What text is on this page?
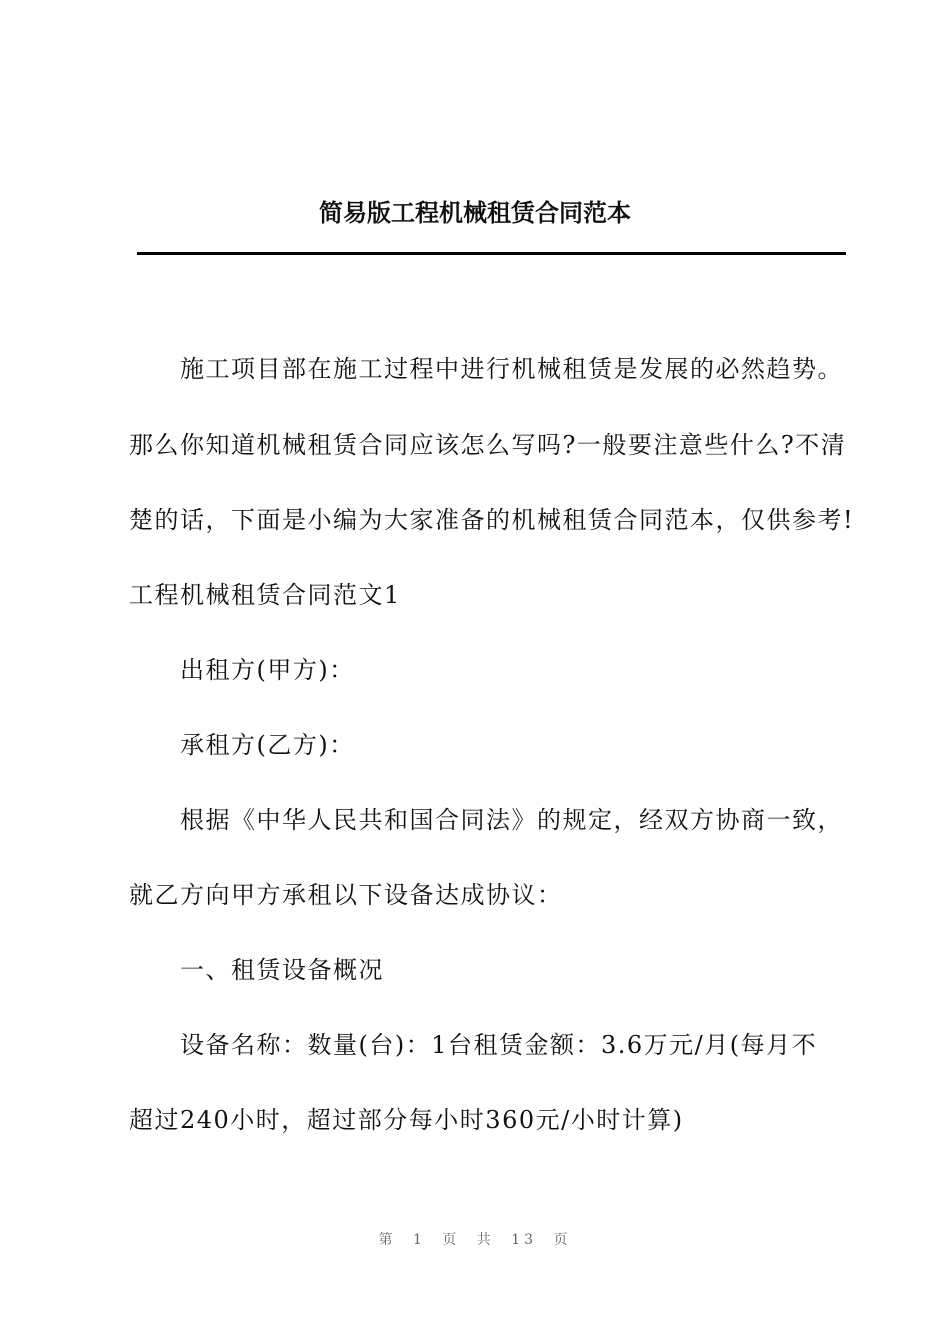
简易版工程机械租赁合同范本
施工项目部在施工过程中进行机械租赁是发展的必然趋势。
那么你知道机械租赁合同应该怎么写吗?一般要注意些什么?不清
楚的话，下面是小编为大家准备的机械租赁合同范本，仅供参考!
工程机械租赁合同范文1
出租方(甲方)：
承租方(乙方)：
根据《中华人民共和国合同法》的规定，经双方协商一致，
就乙方向甲方承租以下设备达成协议：
一、租赁设备概况
设备名称：数量(台)：1台租赁金额：3.6万元/月(每月不
超过240小时，超过部分每小时360元/小时计算)
第 1 页 共 13 页
